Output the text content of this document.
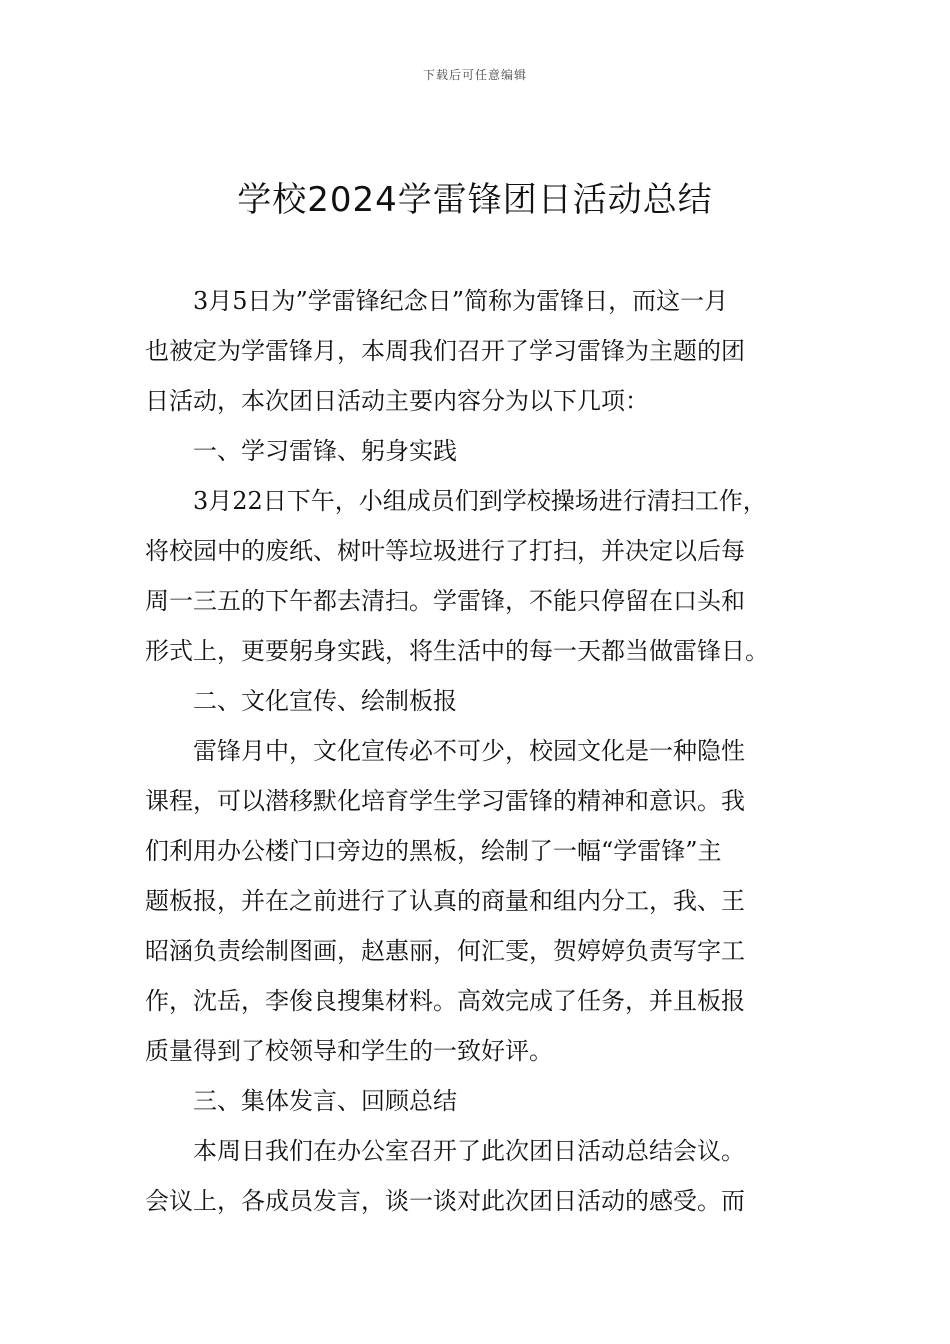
下载后可任意编辑
学校2024学雷锋团日活动总结
3月5日为”学雷锋纪念日”简称为雷锋日，而这一月
也被定为学雷锋月，本周我们召开了学习雷锋为主题的团
日活动，本次团日活动主要内容分为以下几项：
一、学习雷锋、躬身实践
3月22日下午，小组成员们到学校操场进行清扫工作，
将校园中的废纸、树叶等垃圾进行了打扫，并决定以后每
周一三五的下午都去清扫。学雷锋，不能只停留在口头和
形式上，更要躬身实践，将生活中的每一天都当做雷锋日。
二、文化宣传、绘制板报
雷锋月中，文化宣传必不可少，校园文化是一种隐性
课程，可以潜移默化培育学生学习雷锋的精神和意识。我
们利用办公楼门口旁边的黑板，绘制了一幅“学雷锋”主
题板报，并在之前进行了认真的商量和组内分工，我、王
昭涵负责绘制图画，赵惠丽，何汇雯，贺婷婷负责写字工
作，沈岳，李俊良搜集材料。高效完成了任务，并且板报
质量得到了校领导和学生的一致好评。
三、集体发言、回顾总结
本周日我们在办公室召开了此次团日活动总结会议。
会议上，各成员发言，谈一谈对此次团日活动的感受。而
